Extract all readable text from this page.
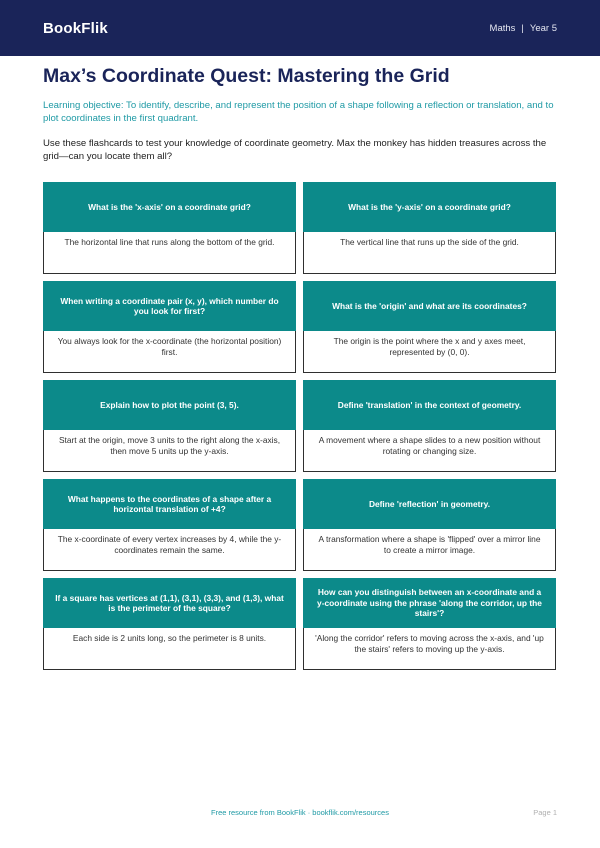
BookFlik	Maths | Year 5
Max’s Coordinate Quest: Mastering the Grid

Learning objective: To identify, describe, and represent the position of a shape following a reflection or translation, and to plot coordinates in the first quadrant.

Use these flashcards to test your knowledge of coordinate geometry. Max the monkey has hidden treasures across the grid—can you locate them all?

What is the 'x-axis' on a coordinate grid?
The horizontal line that runs along the bottom of the grid.
What is the 'y-axis' on a coordinate grid?
The vertical line that runs up the side of the grid.
When writing a coordinate pair (x, y), which number do you look for first?
You always look for the x-coordinate (the horizontal position) first.
What is the 'origin' and what are its coordinates?
The origin is the point where the x and y axes meet, represented by (0, 0).
Explain how to plot the point (3, 5).
Start at the origin, move 3 units to the right along the x-axis, then move 5 units up the y-axis.
Define 'translation' in the context of geometry.
A movement where a shape slides to a new position without rotating or changing size.
What happens to the coordinates of a shape after a horizontal translation of +4?
The x-coordinate of every vertex increases by 4, while the y-coordinates remain the same.
Define 'reflection' in geometry.
A transformation where a shape is 'flipped' over a mirror line to create a mirror image.
If a square has vertices at (1,1), (3,1), (3,3), and (1,3), what is the perimeter of the square?
Each side is 2 units long, so the perimeter is 8 units.
How can you distinguish between an x-coordinate and a y-coordinate using the phrase 'along the corridor, up the stairs'?
'Along the corridor' refers to moving across the x-axis, and 'up the stairs' refers to moving up the y-axis.
Free resource from BookFlik · bookflik.com/resources	Page 1
